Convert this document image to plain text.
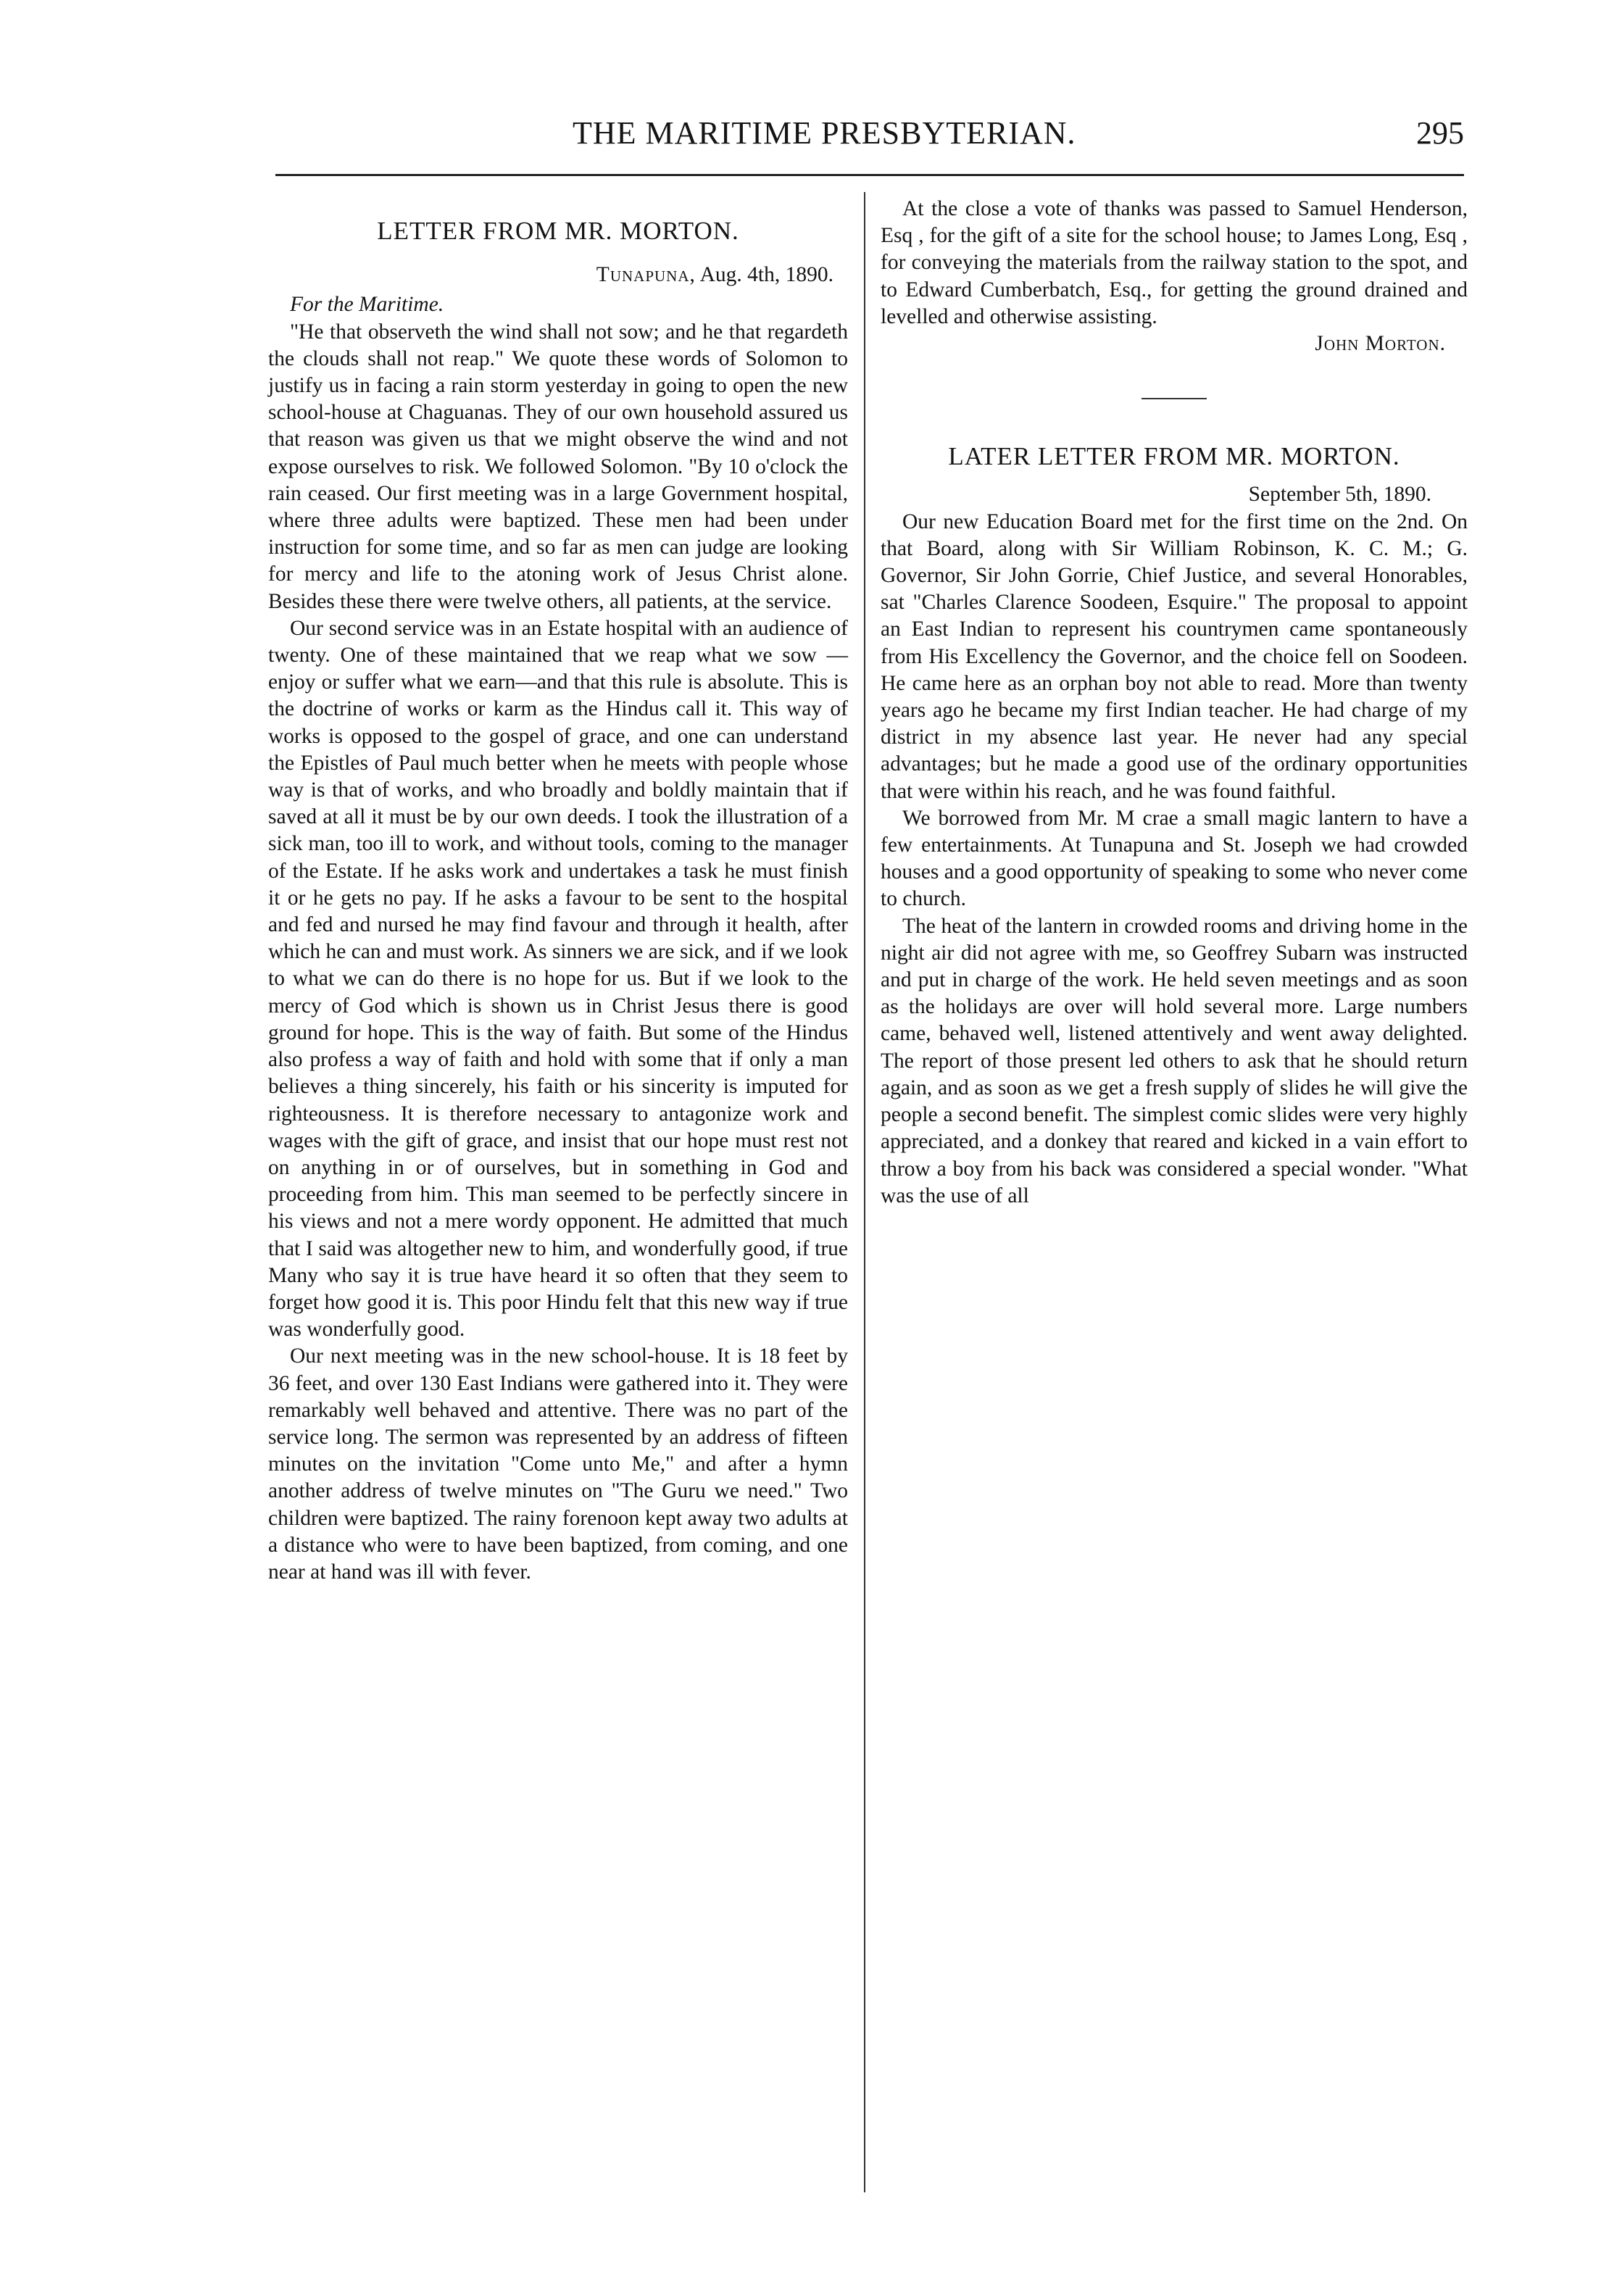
THE MARITIME PRESBYTERIAN.	295
LETTER FROM MR. MORTON.
Tunapuna, Aug. 4th, 1890.

For the Maritime.

"He that observeth the wind shall not sow; and he that regardeth the clouds shall not reap." We quote these words of Solomon to justify us in facing a rain storm yesterday in going to open the new school-house at Chaguanas. They of our own household assured us that reason was given us that we might observe the wind and not expose ourselves to risk. We followed Solomon. "By 10 o'clock the rain ceased. Our first meeting was in a large Government hospital, where three adults were baptized. These men had been under instruction for some time, and so far as men can judge are looking for mercy and life to the atoning work of Jesus Christ alone. Besides these there were twelve others, all patients, at the service.

Our second service was in an Estate hospital with an audience of twenty. One of these maintained that we reap what we sow — enjoy or suffer what we earn—and that this rule is absolute. This is the doctrine of works or karm as the Hindus call it. This way of works is opposed to the gospel of grace, and one can understand the Epistles of Paul much better when he meets with people whose way is that of works, and who broadly and boldly maintain that if saved at all it must be by our own deeds. I took the illustration of a sick man, too ill to work, and without tools, coming to the manager of the Estate. If he asks work and undertakes a task he must finish it or he gets no pay. If he asks a favour to be sent to the hospital and fed and nursed he may find favour and through it health, after which he can and must work. As sinners we are sick, and if we look to what we can do there is no hope for us. But if we look to the mercy of God which is shown us in Christ Jesus there is good ground for hope. This is the way of faith. But some of the Hindus also profess a way of faith and hold with some that if only a man believes a thing sincerely, his faith or his sincerity is imputed for righteousness. It is therefore necessary to antagonize work and wages with the gift of grace, and insist that our hope must rest not on anything in or of ourselves, but in something in God and proceeding from him. This man seemed to be perfectly sincere in his views and not a mere wordy opponent. He admitted that much that I said was altogether new to him, and wonderfully good, if true Many who say it is true have heard it so often that they seem to forget how good it is. This poor Hindu felt that this new way if true was wonderfully good.

Our next meeting was in the new school-house. It is 18 feet by 36 feet, and over 130 East Indians were gathered into it. They were remarkably well behaved and attentive. There was no part of the service long. The sermon was represented by an address of fifteen minutes on the invitation "Come unto Me," and after a hymn another address of twelve minutes on "The Guru we need." Two children were baptized. The rainy forenoon kept away two adults at a distance who were to have been baptized, from coming, and one near at hand was ill with fever.

At the close a vote of thanks was passed to Samuel Henderson, Esq , for the gift of a site for the school house; to James Long, Esq , for conveying the materials from the railway station to the spot, and to Edward Cumberbatch, Esq., for getting the ground drained and levelled and otherwise assisting.

John Morton.
LATER LETTER FROM MR. MORTON.
September 5th, 1890.

Our new Education Board met for the first time on the 2nd. On that Board, along with Sir William Robinson, K. C. M.; G. Governor, Sir John Gorrie, Chief Justice, and several Honorables, sat "Charles Clarence Soodeen, Esquire." The proposal to appoint an East Indian to represent his countrymen came spontaneously from His Excellency the Governor, and the choice fell on Soodeen. He came here as an orphan boy not able to read. More than twenty years ago he became my first Indian teacher. He had charge of my district in my absence last year. He never had any special advantages; but he made a good use of the ordinary opportunities that were within his reach, and he was found faithful.

We borrowed from Mr. M crae a small magic lantern to have a few entertainments. At Tunapuna and St. Joseph we had crowded houses and a good opportunity of speaking to some who never come to church.

The heat of the lantern in crowded rooms and driving home in the night air did not agree with me, so Geoffrey Subarn was instructed and put in charge of the work. He held seven meetings and as soon as the holidays are over will hold several more. Large numbers came, behaved well, listened attentively and went away delighted. The report of those present led others to ask that he should return again, and as soon as we get a fresh supply of slides he will give the people a second benefit. The simplest comic slides were very highly appreciated, and a donkey that reared and kicked in a vain effort to throw a boy from his back was considered a special wonder. "What was the use of all
